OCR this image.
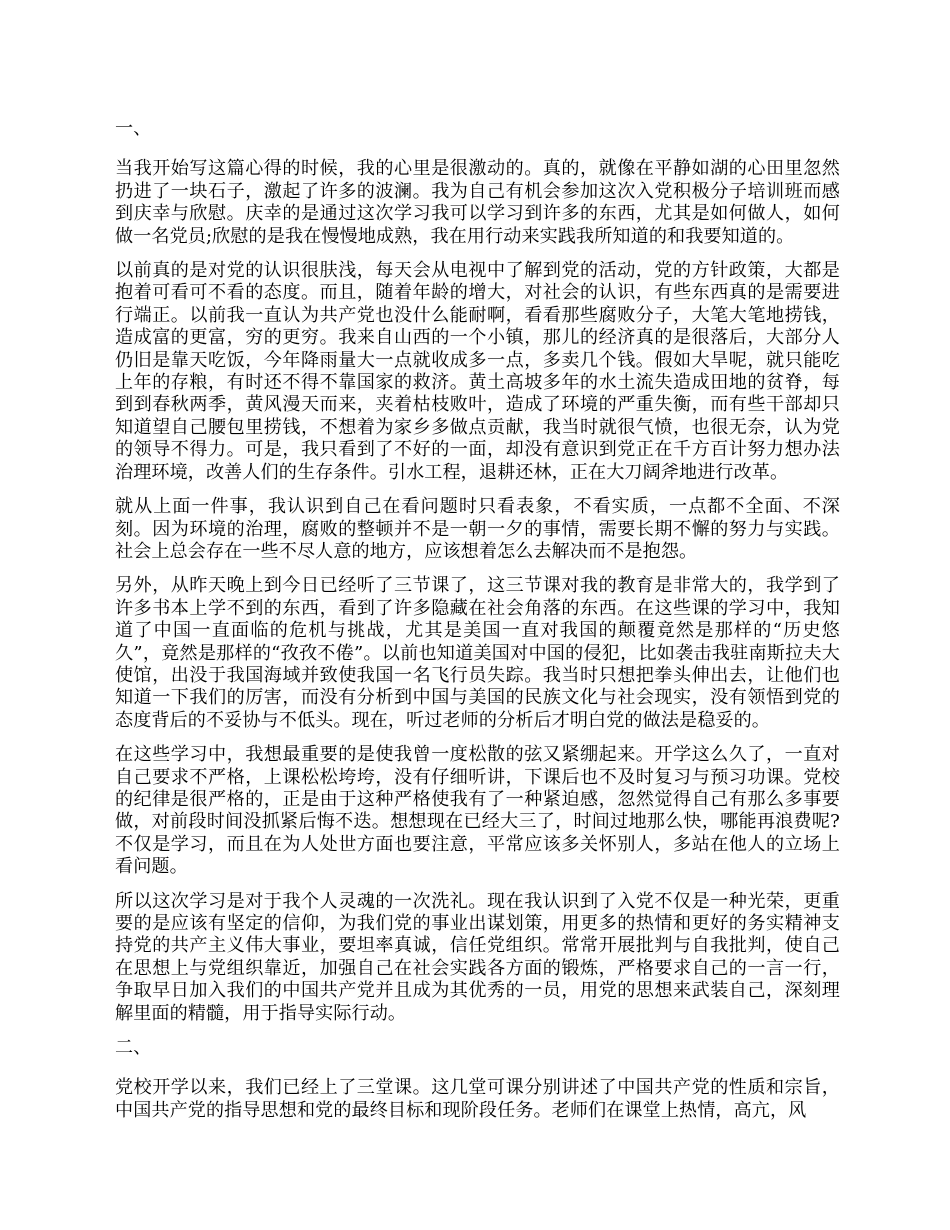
一、

当我开始写这篇心得的时候，我的心里是很激动的。真的，就像在平静如湖的心田里忽然扔进了一块石子，激起了许多的波澜。我为自己有机会参加这次入党积极分子培训班而感到庆幸与欣慰。庆幸的是通过这次学习我可以学习到许多的东西，尤其是如何做人，如何做一名党员;欣慰的是我在慢慢地成熟，我在用行动来实践我所知道的和我要知道的。

以前真的是对党的认识很肤浅，每天会从电视中了解到党的活动，党的方针政策，大都是抱着可看可不看的态度。而且，随着年龄的增大，对社会的认识，有些东西真的是需要进行端正。以前我一直认为共产党也没什么能耐啊，看看那些腐败分子，大笔大笔地捞钱，造成富的更富，穷的更穷。我来自山西的一个小镇，那儿的经济真的是很落后，大部分人仍旧是靠天吃饭，今年降雨量大一点就收成多一点，多卖几个钱。假如大旱呢，就只能吃上年的存粮，有时还不得不靠国家的救济。黄土高坡多年的水土流失造成田地的贫脊，每到到春秋两季，黄风漫天而来，夹着枯枝败叶，造成了环境的严重失衡，而有些干部却只知道望自己腰包里捞钱，不想着为家乡多做点贡献，我当时就很气愤，也很无奈，认为党的领导不得力。可是，我只看到了不好的一面，却没有意识到党正在千方百计努力想办法治理环境，改善人们的生存条件。引水工程，退耕还林，正在大刀阔斧地进行改革。

就从上面一件事，我认识到自己在看问题时只看表象，不看实质，一点都不全面、不深刻。因为环境的治理，腐败的整顿并不是一朝一夕的事情，需要长期不懈的努力与实践。社会上总会存在一些不尽人意的地方，应该想着怎么去解决而不是抱怨。

另外，从昨天晚上到今日已经听了三节课了，这三节课对我的教育是非常大的，我学到了许多书本上学不到的东西，看到了许多隐藏在社会角落的东西。在这些课的学习中，我知道了中国一直面临的危机与挑战，尤其是美国一直对我国的颠覆竟然是那样的“历史悠久”，竟然是那样的“孜孜不倦”。以前也知道美国对中国的侵犯，比如袭击我驻南斯拉夫大使馆，出没于我国海域并致使我国一名飞行员失踪。我当时只想把拳头伸出去，让他们也知道一下我们的厉害，而没有分析到中国与美国的民族文化与社会现实，没有领悟到党的态度背后的不妥协与不低头。现在，听过老师的分析后才明白党的做法是稳妥的。

在这些学习中，我想最重要的是使我曾一度松散的弦又紧绷起来。开学这么久了，一直对自己要求不严格，上课松松垮垮，没有仔细听讲，下课后也不及时复习与预习功课。党校的纪律是很严格的，正是由于这种严格使我有了一种紧迫感，忽然觉得自己有那么多事要做，对前段时间没抓紧后悔不迭。想想现在已经大三了，时间过地那么快，哪能再浪费呢?不仅是学习，而且在为人处世方面也要注意，平常应该多关怀别人，多站在他人的立场上看问题。

所以这次学习是对于我个人灵魂的一次洗礼。现在我认识到了入党不仅是一种光荣，更重要的是应该有坚定的信仰，为我们党的事业出谋划策，用更多的热情和更好的务实精神支持党的共产主义伟大事业，要坦率真诚，信任党组织。常常开展批判与自我批判，使自己在思想上与党组织靠近，加强自己在社会实践各方面的锻炼，严格要求自己的一言一行，争取早日加入我们的中国共产党并且成为其优秀的一员，用党的思想来武装自己，深刻理解里面的精髓，用于指导实际行动。

二、

党校开学以来，我们已经上了三堂课。这几堂可课分别讲述了中国共产党的性质和宗旨，中国共产党的指导思想和党的最终目标和现阶段任务。老师们在课堂上热情，高亢，风
